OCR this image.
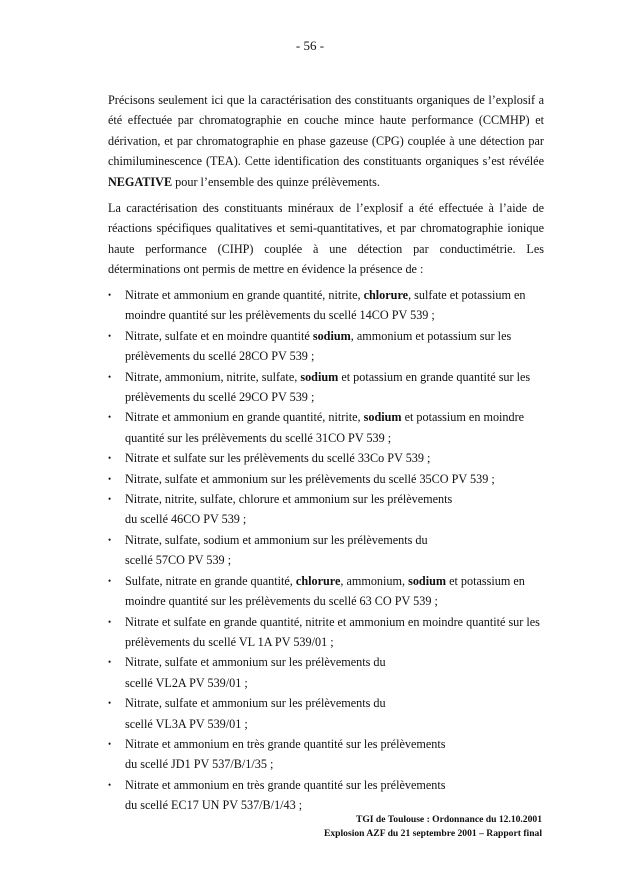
- 56 -

Précisons seulement ici que la caractérisation des constituants organiques de l’explosif a été effectuée par chromatographie en couche mince haute performance (CCMHP) et dérivation, et par chromatographie en phase gazeuse (CPG) couplée à une détection par chimiluminescence (TEA). Cette identification des constituants organiques s’est révélée NEGATIVE pour l’ensemble des quinze prélèvements.

La caractérisation des constituants minéraux de l’explosif a été effectuée à l’aide de réactions spécifiques qualitatives et semi-quantitatives, et par chromatographie ionique haute performance (CIHP) couplée à une détection par conductimétrie. Les déterminations ont permis de mettre en évidence la présence de :

• Nitrate et ammonium en grande quantité, nitrite, chlorure, sulfate et potassium en moindre quantité sur les prélèvements du scellé 14CO PV 539 ;
• Nitrate, sulfate et en moindre quantité sodium, ammonium et potassium sur les prélèvements du scellé 28CO PV 539 ;
• Nitrate, ammonium, nitrite, sulfate, sodium et potassium en grande quantité sur les prélèvements du scellé 29CO PV 539 ;
• Nitrate et ammonium en grande quantité, nitrite, sodium et potassium en moindre quantité sur les prélèvements du scellé 31CO PV 539 ;
• Nitrate et sulfate sur les prélèvements du scellé 33Co PV 539 ;
• Nitrate, sulfate et ammonium sur les prélèvements du scellé 35CO PV 539 ;
• Nitrate, nitrite, sulfate, chlorure et ammonium sur les prélèvements
du scellé 46CO PV 539 ;
• Nitrate, sulfate, sodium et ammonium sur les prélèvements du
scellé 57CO PV 539 ;
• Sulfate, nitrate en grande quantité, chlorure, ammonium, sodium et potassium en moindre quantité sur les prélèvements du scellé 63 CO PV 539 ;
• Nitrate et sulfate en grande quantité, nitrite et ammonium en moindre quantité sur les prélèvements du scellé VL 1A PV 539/01 ;
• Nitrate, sulfate et ammonium sur les prélèvements du
scellé VL2A PV 539/01 ;
• Nitrate, sulfate et ammonium sur les prélèvements du
scellé VL3A PV 539/01 ;
• Nitrate et ammonium en très grande quantité sur les prélèvements
du scellé JD1 PV 537/B/1/35 ;
• Nitrate et ammonium en très grande quantité sur les prélèvements
du scellé EC17 UN PV 537/B/1/43 ;
TGI de Toulouse : Ordonnance du 12.10.2001
Explosion AZF du 21 septembre 2001 – Rapport final
